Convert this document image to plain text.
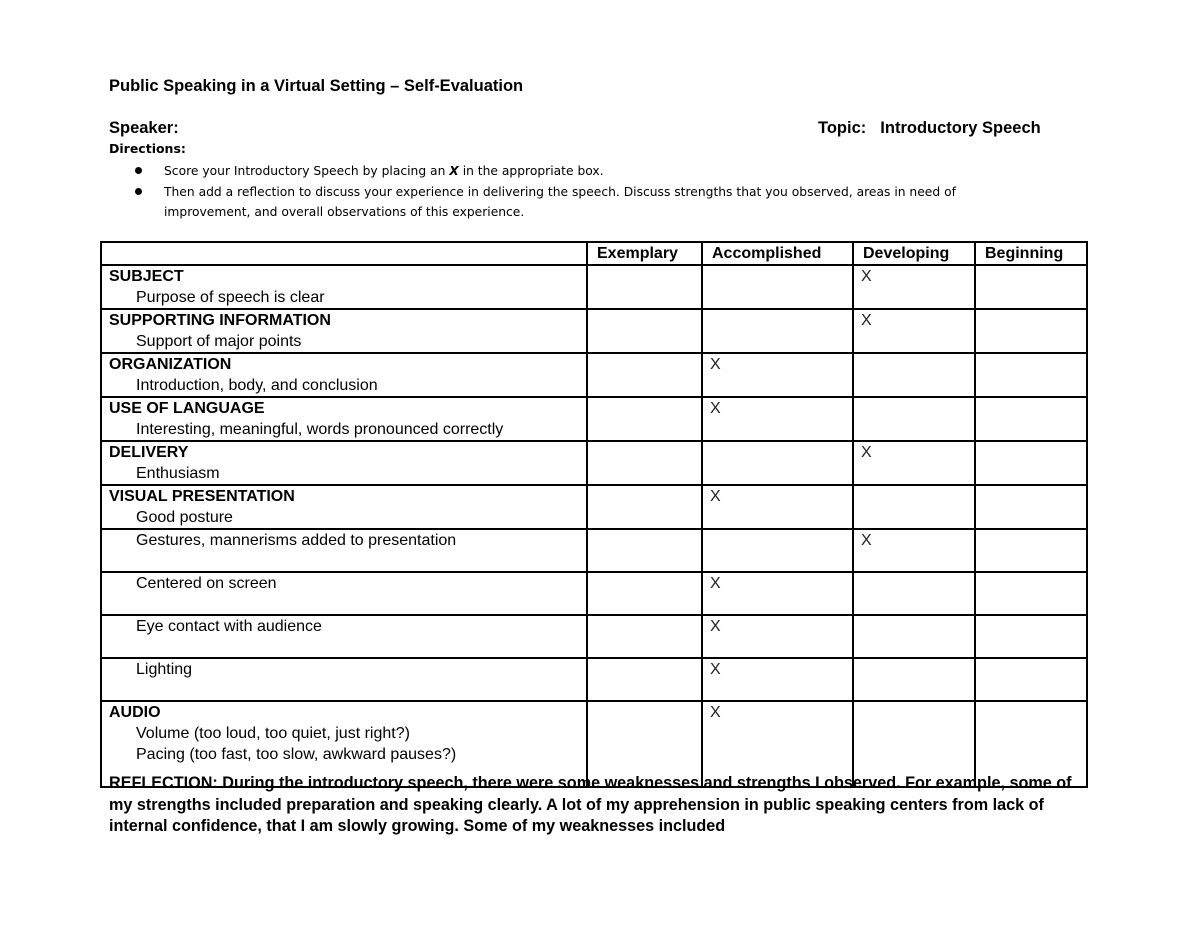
Public Speaking in a Virtual Setting – Self-Evaluation
Speaker:	Topic: Introductory Speech
Directions:
Score your Introductory Speech by placing an X in the appropriate box.
Then add a reflection to discuss your experience in delivering the speech. Discuss strengths that you observed, areas in need of improvement, and overall observations of this experience.
	Exemplary	Accomplished	Developing	Beginning

SUBJECT
Purpose of speech is clear			X	

SUPPORTING INFORMATION
Support of major points			X	

ORGANIZATION
Introduction, body, and conclusion		X		

USE OF LANGUAGE
Interesting, meaningful, words pronounced correctly		X		

DELIVERY
Enthusiasm			X	

VISUAL PRESENTATION
Good posture		X		

Gestures, mannerisms added to presentation			X	

Centered on screen		X		

Eye contact with audience		X		

Lighting		X		

AUDIO
Volume (too loud, too quiet, just right?)
Pacing (too fast, too slow, awkward pauses?)		X		
REFLECTION: During the introductory speech, there were some weaknesses and strengths I observed. For example, some of my strengths included preparation and speaking clearly. A lot of my apprehension in public speaking centers from lack of internal confidence, that I am slowly growing. Some of my weaknesses included
